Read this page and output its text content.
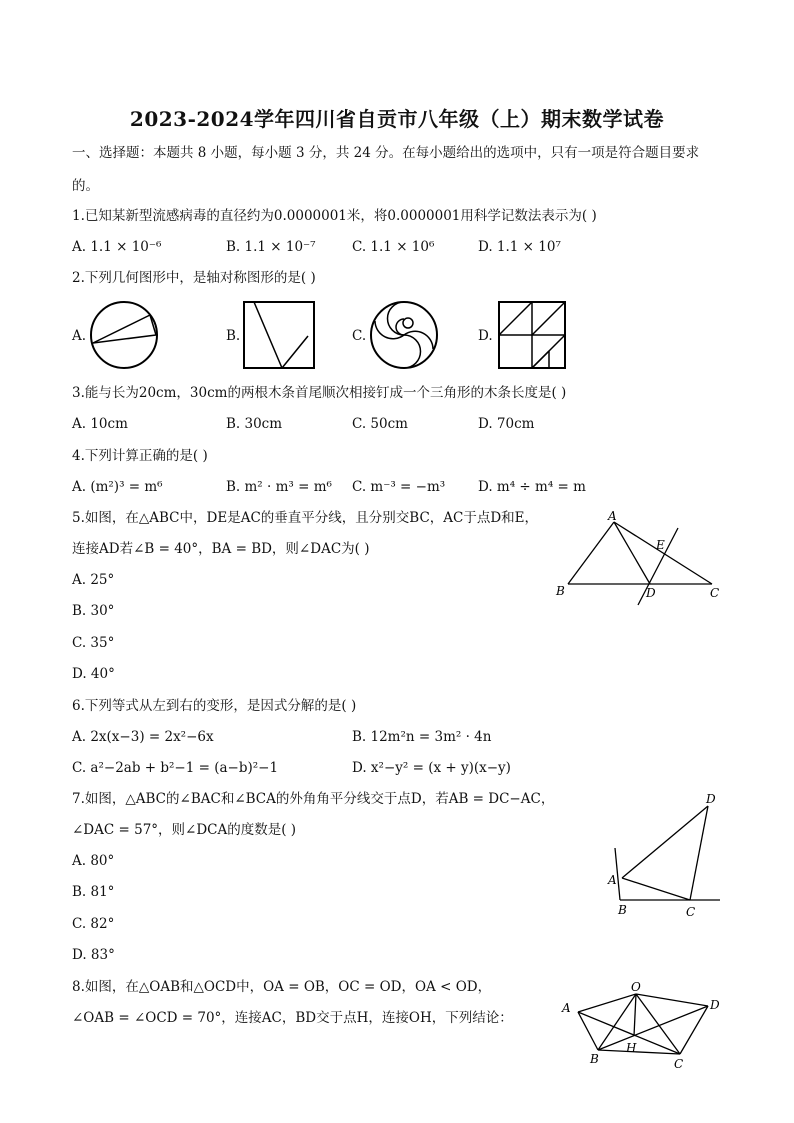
2023-2024学年四川省自贡市八年级（上）期末数学试卷
一、选择题：本题共 8 小题，每小题 3 分，共 24 分。在每小题给出的选项中，只有一项是符合题目要求
的。
1.已知某新型流感病毒的直径约为0.0000001米，将0.0000001用科学记数法表示为( )
A. 1.1 × 10⁻⁶	B. 1.1 × 10⁻⁷	C. 1.1 × 10⁶	D. 1.1 × 10⁷
2.下列几何图形中，是轴对称图形的是( )
A.	B.	C.	D.
3.能与长为20cm，30cm的两根木条首尾顺次相接钉成一个三角形的木条长度是( )
A. 10cm	B. 30cm	C. 50cm	D. 70cm
4.下列计算正确的是( )
A. (m²)³ = m⁶	B. m² · m³ = m⁶ C. m⁻³ = −m³ D. m⁴ ÷ m⁴ = m
5.如图，在△ABC中，DE是AC的垂直平分线，且分别交BC，AC于点D和E，
连接AD若∠B = 40°，BA = BD，则∠DAC为( )
A. 25°
B. 30°
C. 35°
D. 40°
A
B	C
D
E
6.下列等式从左到右的变形，是因式分解的是( )
A. 2x(x−3) = 2x²−6x	B. 12m²n = 3m² · 4n
C. a²−2ab + b²−1 = (a−b)²−1	D. x²−y² = (x + y)(x−y)
7.如图，△ABC的∠BAC和∠BCA的外角角平分线交于点D，若AB = DC−AC，
∠DAC = 57°，则∠DCA的度数是( )
A. 80°
B. 81°
C. 82°
D. 83°
D
A
B	C
8.如图，在△OAB和△OCD中，OA = OB，OC = OD，OA < OD，
∠OAB = ∠OCD = 70°，连接AC，BD交于点H，连接OH，下列结论：
O
A
B	C
D
H
